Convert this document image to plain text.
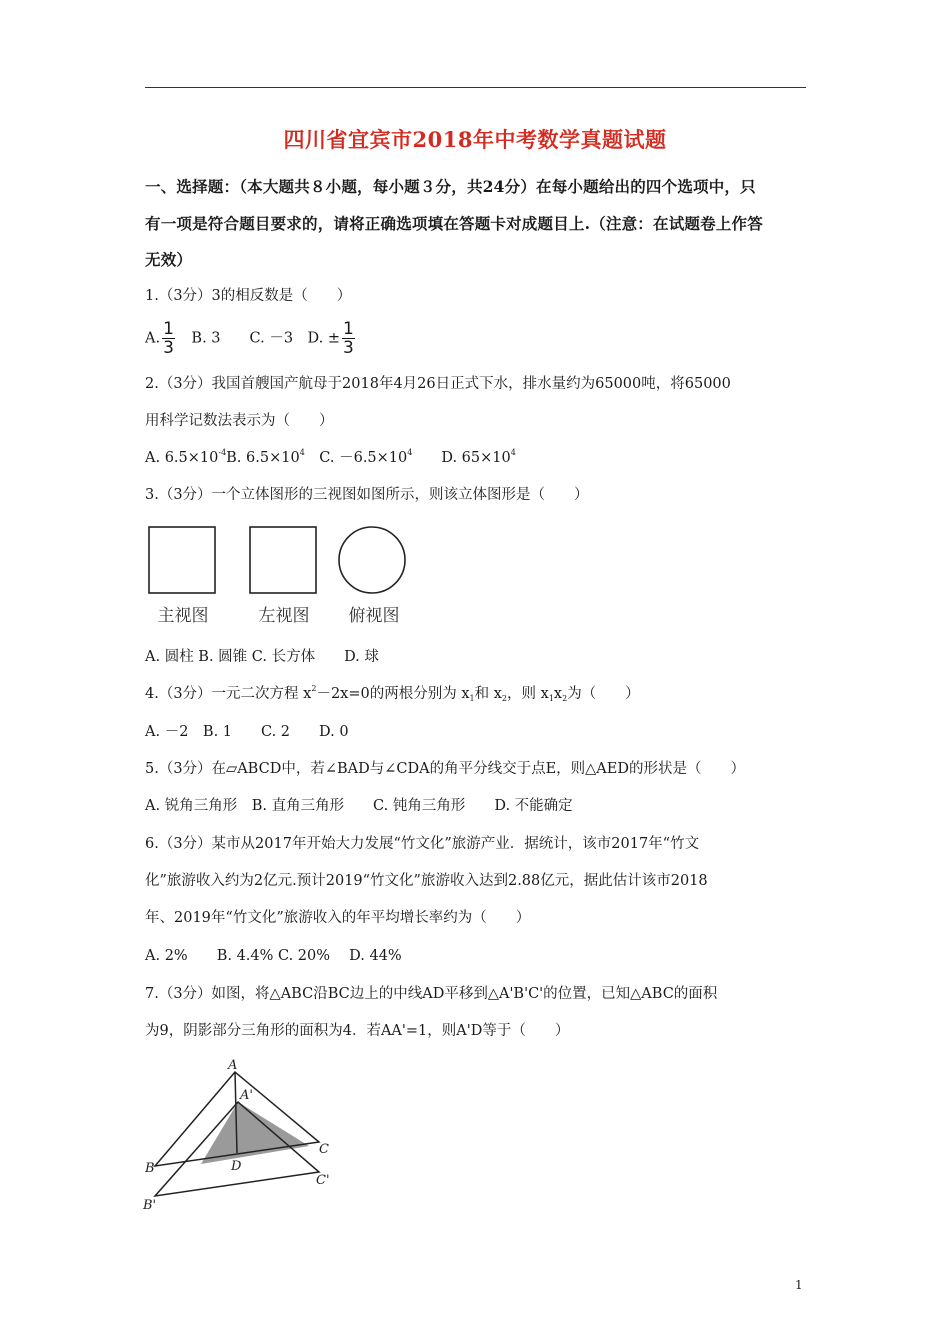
四川省宜宾市2018年中考数学真题试题
一、选择题：（本大题共８小题，每小题３分，共24分）在每小题给出的四个选项中，只
有一项是符合题目要求的，请将正确选项填在答题卡对成题目上.（注意：在试题卷上作答
无效）
1.（3分）3的相反数是（　　）
A. $\frac{1}{3}$ 　B. 3　　C. －3　D. ± $\frac{1}{3}$
2.（3分）我国首艘国产航母于2018年4月26日正式下水，排水量约为65000吨，将65000
用科学记数法表示为（　　）
A. $6.5\times 10^{-4}B$. $6.5\times 10^4$　C. $-6.5\times 10^4$　　D. $65\times 10^4$
3.（3分）一个立体图形的三视图如图所示，则该立体图形是（　　）
主视图	左视图 俯视图
A. 圆柱 B. 圆锥 C. 长方体　　D. 球
4.（3分）一元二次方程 $x^2-2x=0$的两根分别为 $x_1$和 $x_2$，则 $x_1x_2$为（　　）
A. －2　B. 1　　C. 2　　D. 0
5.（3分）在▱ABCD中，若∠BAD与∠CDA的角平分线交于点E，则△AED的形状是（　　）
A. 锐角三角形　B. 直角三角形　　C. 钝角三角形　　D. 不能确定
6.（3分）某市从2017年开始大力发展“竹文化”旅游产业．据统计，该市2017年“竹文
化”旅游收入约为2亿元.预计2019“竹文化”旅游收入达到2.88亿元，据此估计该市2018
年、2019年“竹文化”旅游收入的年平均增长率约为（　　）
A. 2%　　B. 4.4% C. 20%　 D. 44%
7.（3分）如图，将△ABC沿BC边上的中线AD平移到△A'B'C'的位置，已知△ABC的面积
为9，阴影部分三角形的面积为4．若AA'=1，则A'D等于（　　）
A
A'
B
C
D
B'
C'
1
